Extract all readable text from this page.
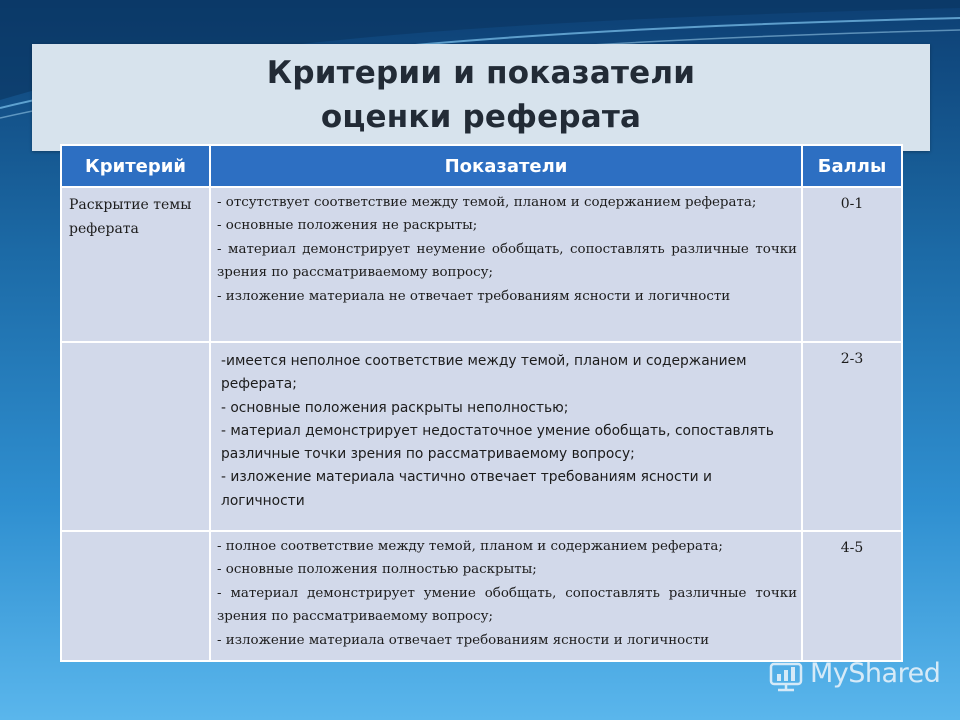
Критерии и показатели
оценки реферата
Критерий	Показатели	Баллы
Раскрытие темы реферата	- отсутствует соответствие между темой, планом и содержанием реферата;
- основные положения не раскрыты;
- материал демонстрирует неумение обобщать, сопоставлять различные точки зрения по рассматриваемому вопросу;
- изложение материала не отвечает требованиям ясности и логичности	0-1

	-имеется неполное соответствие между темой, планом и содержанием реферата;
- основные положения раскрыты неполностью;
- материал демонстрирует недостаточное умение обобщать, сопоставлять различные точки зрения по рассматриваемому вопросу;
- изложение материала частично отвечает требованиям ясности и логичности	2-3

	- полное соответствие между темой, планом и содержанием реферата;
- основные положения полностью раскрыты;
- материал демонстрирует умение обобщать, сопоставлять различные точки зрения по рассматриваемому вопросу;
- изложение материала отвечает требованиям ясности и логичности	4-5
MyShared
